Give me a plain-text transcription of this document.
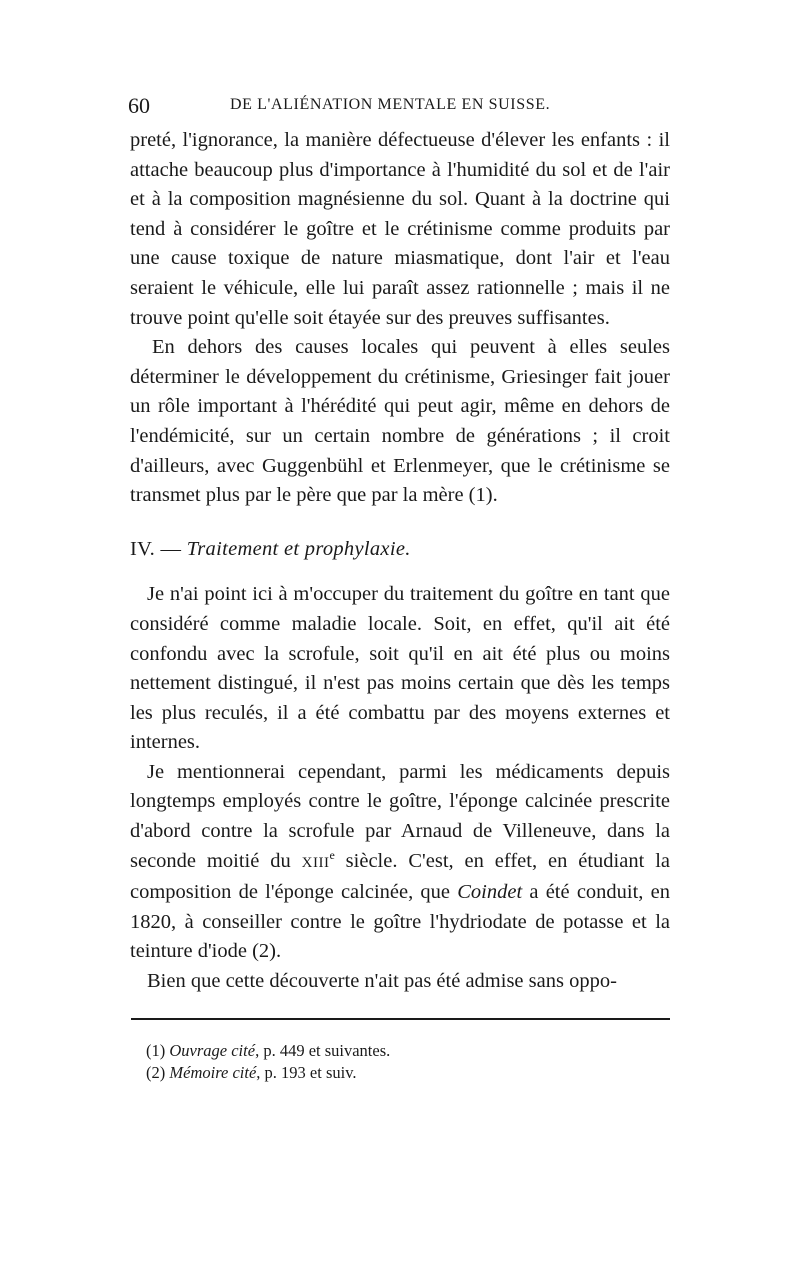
60	DE L'ALIÉNATION MENTALE EN SUISSE.

preté, l'ignorance, la manière défectueuse d'élever les enfants : il attache beaucoup plus d'importance à l'humidité du sol et de l'air et à la composition magnésienne du sol. Quant à la doctrine qui tend à considérer le goître et le crétinisme comme produits par une cause toxique de nature miasmatique, dont l'air et l'eau seraient le véhicule, elle lui paraît assez rationnelle ; mais il ne trouve point qu'elle soit étayée sur des preuves suffisantes.

En dehors des causes locales qui peuvent à elles seules déterminer le développement du crétinisme, Griesinger fait jouer un rôle important à l'hérédité qui peut agir, même en dehors de l'endémicité, sur un certain nombre de générations ; il croit d'ailleurs, avec Guggenbühl et Erlenmeyer, que le crétinisme se transmet plus par le père que par la mère (1).

IV. — Traitement et prophylaxie.

Je n'ai point ici à m'occuper du traitement du goître en tant que considéré comme maladie locale. Soit, en effet, qu'il ait été confondu avec la scrofule, soit qu'il en ait été plus ou moins nettement distingué, il n'est pas moins certain que dès les temps les plus reculés, il a été combattu par des moyens externes et internes.

Je mentionnerai cependant, parmi les médicaments depuis longtemps employés contre le goître, l'éponge calcinée prescrite d'abord contre la scrofule par Arnaud de Villeneuve, dans la seconde moitié du XIIIe siècle. C'est, en effet, en étudiant la composition de l'éponge calcinée, que Coindet a été conduit, en 1820, à conseiller contre le goître l'hydriodate de potasse et la teinture d'iode (2).

Bien que cette découverte n'ait pas été admise sans oppo-

(1) Ouvrage cité, p. 449 et suivantes.

(2) Mémoire cité, p. 193 et suiv.
